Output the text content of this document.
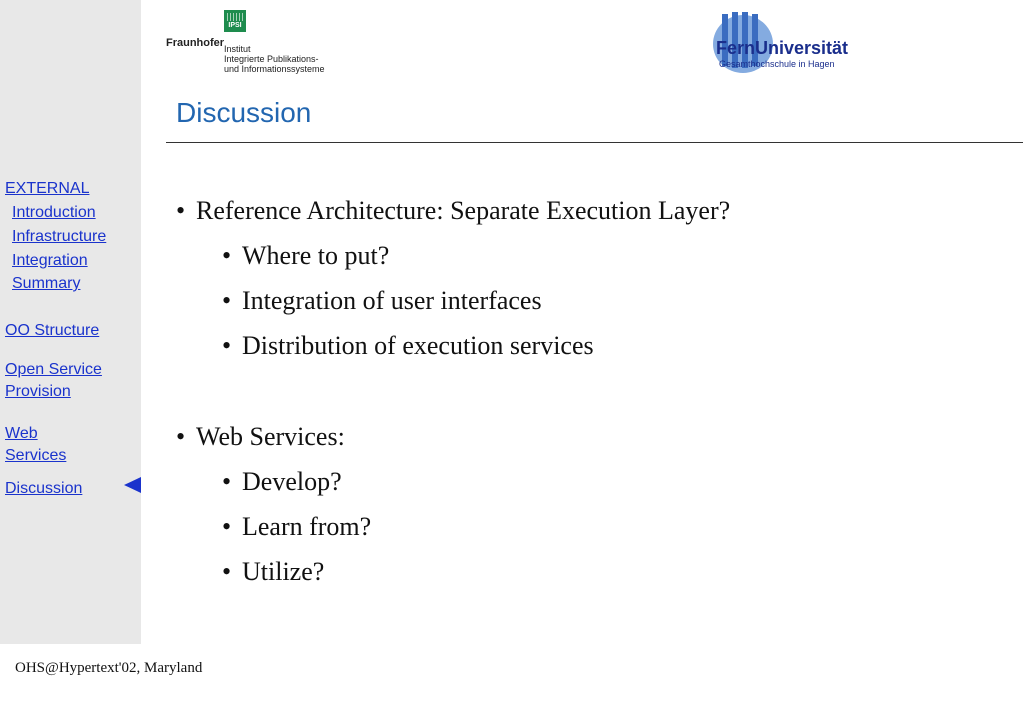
EXTERNAL
Introduction
Infrastructure
Integration
Summary
OO Structure
Open Service
Provision
Web
Services
Discussion
IPSI
Fraunhofer Institut
Integrierte Publikations-
und Informationssysteme
FernUniversität
Gesamthochschule in Hagen
Discussion
• Reference Architecture: Separate Execution Layer?
• Where to put?
• Integration of user interfaces
• Distribution of execution services
• Web Services:
• Develop?
• Learn from?
• Utilize?
OHS@Hypertext'02, Maryland
